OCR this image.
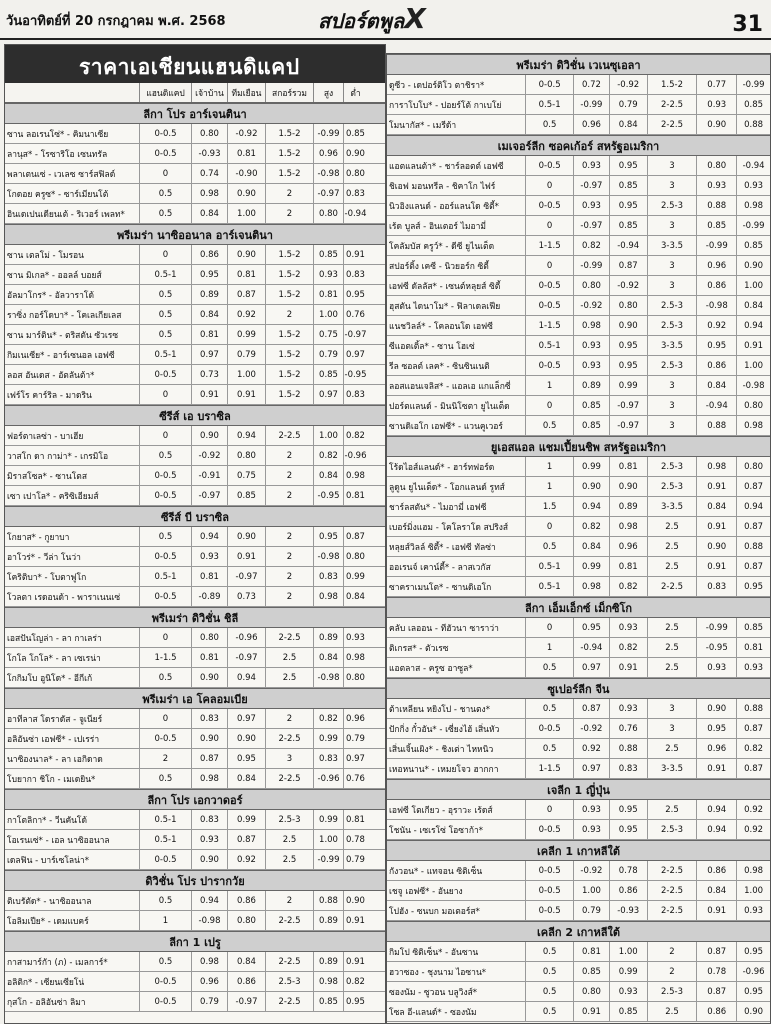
วันอาทิตย์ที่ 20 กรกฎาคม พ.ศ. 2568	สปอร์ตพูลX	31
ราคาเอเชียนแฮนดิแคป
แฮนดิแคป	เจ้าบ้าน ทีมเยือน	สกอร์รวม	สูง	ต่ำ
ลีกา โปร อาร์เจนตินา
ซาน ลอเรนโซ่* - คิมนาเซีย	0-0.5	0.80	-0.92	1.5-2	-0.99 0.85
ลานุส* - โรซาริโอ เซนทรัล	0-0.5	-0.93	0.81	1.5-2	0.96 0.90
พลาเตนเซ่ - เวเลซ ซาร์สฟิลด์	0	0.74	-0.90	1.5-2	-0.98 0.80
โกดอย ครูซ* - ซาร์เมียนโต้	0.5	0.98	0.90	2	-0.97 0.83
อินเดเปนเดียนเต้ - ริเวอร์ เพลท*	0.5	0.84	1.00	2	0.80 -0.94
พรีเมร่า นาซิออนาล อาร์เจนตินา
ซาน เตลโม่ - โมรอน	0	0.86	0.90	1.5-2	0.85 0.91
ซาน มิเกล* - ออลล์ บอยส์	0.5-1	0.95	0.81	1.5-2	0.93 0.83
อัลมาโกร* - อัลวาราโด้	0.5	0.89	0.87	1.5-2	0.81 0.95
ราซิ่ง กอร์โดบา* - โคเลเกียเลส	0.5	0.84	0.92	2	1.00 0.76
ซาน มาร์ติน* - ตริสตัน ซัวเรซ	0.5	0.81	0.99	1.5-2	0.75 -0.97
กิมเนเซีย* - อาร์เซนอล เอฟซี	0.5-1	0.97	0.79	1.5-2	0.79 0.97
ลอส อันเดส - อัตลันต้า*	0-0.5	0.73	1.00	1.5-2	0.85 -0.95
เฟร์โร คาร์ริล - มาดริน	0	0.91	0.91	1.5-2	0.97 0.83
ซีรีส์ เอ บราซิล
ฟอร์ตาเลซ่า - บาเฮีย	0	0.90	0.94	2-2.5	1.00 0.82
วาสโก ดา กาม่า* - เกรมิโอ	0.5	-0.92	0.80	2	0.82 -0.96
มิราสโซล* - ซานโตส	0-0.5	-0.91	0.75	2	0.84 0.98
เซา เปาโล* - คริซิเอียมส์	0-0.5	-0.97	0.85	2	-0.95 0.81
ซีรีส์ บี บราซิล
โกยาส* - กูยาบา	0.5	0.94	0.90	2	0.95 0.87
อาโวร่* - วีล่า โนว่า	0-0.5	0.93	0.91	2	-0.98 0.80
โคริติบา* - โบตาฟูโก	0.5-1	0.81	-0.97	2	0.83 0.99
โวลตา เรดอนด้า - พาราเนนเซ่	0-0.5	-0.89	0.73	2	0.98 0.84
พรีเมร่า ดิวิชั่น ชิลี
เอสปันโญล่า - ลา กาเลร่า	0	0.80	-0.96	2-2.5	0.89 0.93
โกโล โกโล* - ลา เซเรน่า	1-1.5	0.81	-0.97	2.5	0.84 0.98
โกกิมโบ อูนิโด* - อีกีเก้	0.5	0.90	0.94	2.5	-0.98 0.80
พรีเมร่า เอ โคลอมเบีย
อาทีลาส โดราดัส - จูเนียร์	0	0.83	0.97	2	0.82 0.96
อลิอันซ่า เอฟซี* - เปเรร่า	0-0.5	0.90	0.90	2-2.5	0.99 0.79
นาซิองนาล* - ลา เอกิดาด	2	0.87	0.95	3	0.83 0.97
โบยากา ชิโก - เมเดยิน*	0.5	0.98	0.84	2-2.5	-0.96 0.76
ลีกา โปร เอกวาดอร์
กาโตลิกา* - วีนคันโด้	0.5-1	0.83	0.99	2.5-3	0.99 0.81
โอเรนเซ่* - เอล นาซิออนาล	0.5-1	0.93	0.87	2.5	1.00 0.78
เดลฟิน - บาร์เซโลน่า*	0-0.5	0.90	0.92	2.5	-0.99 0.79
ดิวิชั่น โปร ปารากวัย
ติเบรัตัด* - นาซิออนาล	0.5	0.94	0.86	2	0.88 0.90
โอลิมเปีย* - เดมแบคร์	1	-0.98	0.80	2-2.5	0.89 0.91
ลีกา 1 เปรู
กาสามาร์กัา (ภ) - เมลการ์*	0.5	0.98	0.84	2-2.5	0.89 0.91
อลิติก* - เซียนเซียโน่	0-0.5	0.96	0.86	2.5-3	0.98 0.82
กุสโก - อลิอันซ่า ลิมา	0-0.5	0.79	-0.97	2-2.5	0.85 0.95
พรีเมร่า ดิวิชั่น เวเนซุเอลา
ดูซีว - เดปอร์ติโว ตาชิรา*	0-0.5	0.72	-0.92	1.5-2	0.77	-0.99
การาโบโบ* - ปอยร์โต้ กาเบโย่	0.5-1	-0.99	0.79	2-2.5	0.93	0.85
โมนากัส* - เมรีด้า	0.5	0.96	0.84	2-2.5	0.90	0.88
เมเจอร์ลีก ซอคเก้อร์ สหรัฐอเมริกา
แอตแลนต้า* - ชาร์ลอตต์ เอฟซี	0-0.5	0.93	0.95	3	0.80	-0.94
ชิเอฟ มอนทรีล - ชิคาโก ไฟร์	0	-0.97	0.85	3	0.93	0.93
นิวอิงแลนด์ - ออร์แลนโด ซิตี้*	0-0.5	0.93	0.95	2.5-3	0.88	0.98
เร้ด บูลส์ - อินเตอร์ ไมอามี่	0	-0.97	0.85	3	0.85	-0.99
โคลัมบัส ครูว์* - ดีซี ยูไนเต็ด	1-1.5	0.82	-0.94	3-3.5	-0.99	0.85
สปอร์ติ้ง เคซี - นิวยอร์ก ซิตี้	0	-0.99	0.87	3	0.96	0.90
เอฟซี ดัลลัส* - เซนต์หลุยส์ ซิตี้	0-0.5	0.80	-0.92	3	0.86	1.00
ฮุสตัน ไดนาโม* - ฟิลาเดลเฟีย	0-0.5	-0.92	0.80	2.5-3	-0.98	0.84
แนชวิลล์* - โคลอนโด เอฟซี	1-1.5	0.98	0.90	2.5-3	0.92	0.94
ซีแอตเติ้ล* - ซาน โฮเซ่	0.5-1	0.93	0.95	3-3.5	0.95	0.91
รีล ซอลต์ เลค* - ซินซินเนติ	0-0.5	0.93	0.95	2.5-3	0.86	1.00
ลอสแอนเจลิส* - แอลเอ แกแล็กซี่	1	0.89	0.99	3	0.84	-0.98
ปอร์ตแลนด์ - มินนิโซตา ยูไนเต็ด	0	0.85	-0.97	3	-0.94	0.80
ซานดิเอโก เอฟซี* - แวนคูเวอร์	0.5	0.85	-0.97	3	0.88	0.98
ยูเอสแอล แชมเปี้ยนชิพ สหรัฐอเมริกา
โร้ดไอส์แลนด์* - ฮาร์ทฟอร์ด	1	0.99	0.81	2.5-3	0.98	0.80
ลูดูน ยูไนเต็ด* - โอกแลนด์ รูทส์	1	0.90	0.90	2.5-3	0.91	0.87
ชาร์ลสตัน* - ไมอามี่ เอฟซี	1.5	0.94	0.89	3-3.5	0.84	0.94
เบอร์มิ่งแฮม - โคโลราโด สปริงส์	0	0.82	0.98	2.5	0.91	0.87
หลุยส์วิลล์ ซิตี้* - เอฟซี ทัลซ่า	0.5	0.84	0.96	2.5	0.90	0.88
ออเรนจ์ เคาน์ตี้* - ลาสเวกัส	0.5-1	0.99	0.81	2.5	0.91	0.87
ซาคราเมนโต* - ซานดิเอโก	0.5-1	0.98	0.82	2-2.5	0.83	0.95
ลีกา เอ็มเอ็กซ์ เม็กซิโก
คลับ เลออน - ทีฮัวนา ซาราว่า	0	0.95	0.93	2.5	-0.99	0.85
ติเกรส* - ตัวเรซ	1	-0.94	0.82	2.5	-0.95	0.81
แอตลาส - ครูซ อาซูล*	0.5	0.97	0.91	2.5	0.93	0.93
ซูเปอร์ลีก จีน
ต้าเหลียน หยิงโป - ชานตง*	0.5	0.87	0.93	3	0.90	0.88
ปักกิ่ง กั๋วอัน* - เซี่ยงไฮ้ เสิ่นหัว	0-0.5	-0.92	0.76	3	0.95	0.87
เสิ่นเจิ้นเผิง* - ชิงเต่า ไหหนิว	0.5	0.92	0.88	2.5	0.96	0.82
เหอหนาน* - เหมยโจว ฮากกา	1-1.5	0.97	0.83	3-3.5	0.91	0.87
เจลีก 1 ญี่ปุ่น
เอฟซี โตเกียว - อุราวะ เร้ดส์	0	0.93	0.95	2.5	0.94	0.92
โชนัน - เซเรโซ่ โอซาก้า*	0-0.5	0.93	0.95	2.5-3	0.94	0.92
เคลีก 1 เกาหลีใต้
กังวอน* - แทจอน ซิติเซ็น	0-0.5	-0.92	0.78	2-2.5	0.86	0.98
เชจู เอฟซี* - อันยาง	0-0.5	1.00	0.86	2-2.5	0.84	1.00
โปฮัง - ซนบก มอเตอร์ส*	0-0.5	0.79	-0.93	2-2.5	0.91	0.93
เคลีก 2 เกาหลีใต้
กิมโป ซิติเซ็น* - อันซาน	0.5	0.81	1.00	2	0.87	0.95
ฮวาซอง - ชุงนาม ไอซาน*	0.5	0.85	0.99	2	0.78	-0.96
ซองนัม - ซูวอน บลูวิงส์*	0.5	0.80	0.93	2.5-3	0.87	0.95
โซล อี-แลนด์* - ซองนัม	0.5	0.91	0.85	2.5	0.86	0.90
